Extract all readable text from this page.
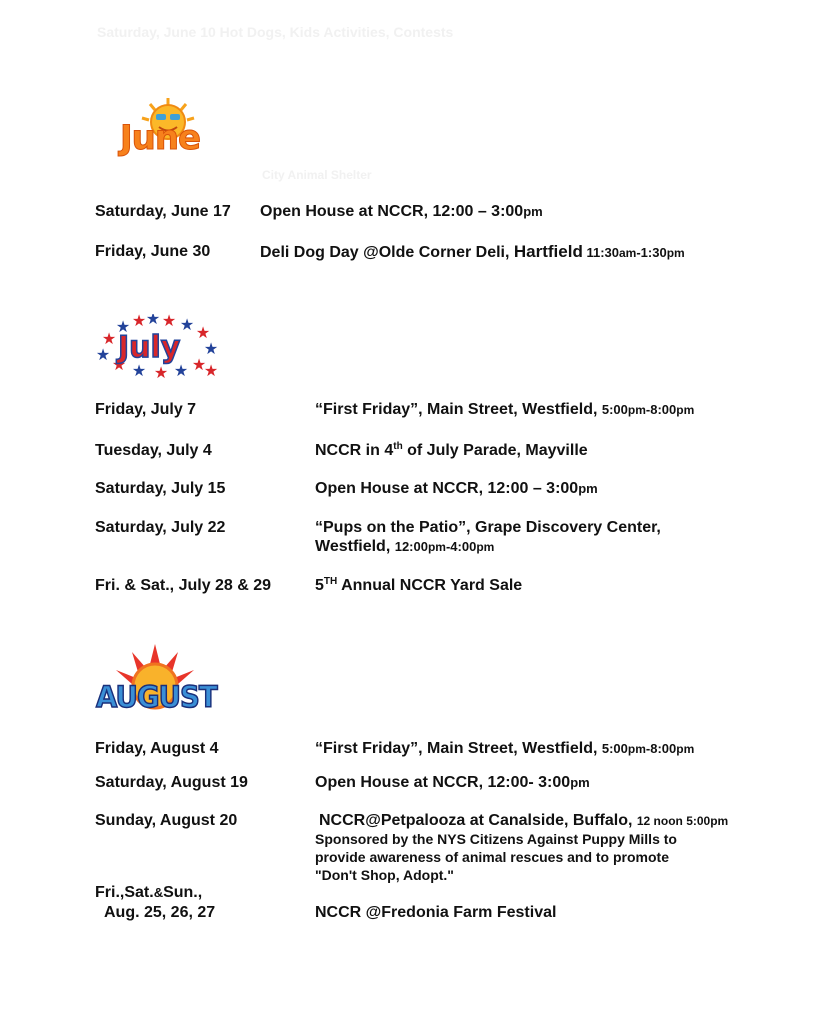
Saturday, June 10 Hot Dogs, Kids Activities, Contests
City Animal Shelter
June
Saturday, June 17 Open House at NCCR, 12:00 – 3:00pm
Friday, June 30	Deli Dog Day @Olde Corner Deli, Hartfield 11:30am-1:30pm
★
★ ★ ★ ★ ★ ★
★
★
★
★
★
★
★
★
July
Friday, July 7	“First Friday”, Main Street, Westfield, 5:00pm-8:00pm
Tuesday, July 4	NCCR in 4th of July Parade, Mayville
Saturday, July 15	Open House at NCCR, 12:00 – 3:00pm
Saturday, July 22	“Pups on the Patio”, Grape Discovery Center,
Westfield, 12:00pm-4:00pm
Fri. & Sat., July 28 & 29	5TH Annual NCCR Yard Sale
AUGUST
Friday, August 4	“First Friday”, Main Street, Westfield, 5:00pm-8:00pm
Saturday, August 19	Open House at NCCR, 12:00- 3:00pm
Sunday, August 20	NCCR@Petpalooza at Canalside, Buffalo, 12 noon 5:00pm
Sponsored by the NYS Citizens Against Puppy Mills to
provide awareness of animal rescues and to promote
"Don't Shop, Adopt."
Fri.,Sat.&Sun.,
Aug. 25, 26, 27	NCCR @Fredonia Farm Festival
